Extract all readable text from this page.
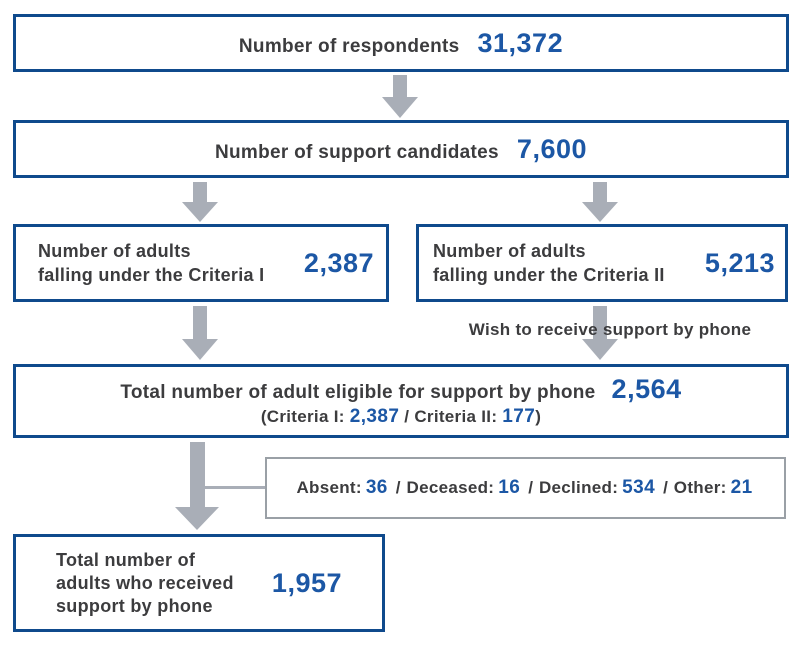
Number of respondents 31,372
Number of support candidates 7,600
Number of adults
falling under the Criteria I 2,387	Number of adults
falling under the Criteria II 5,213
Wish to receive support by phone
Total number of adult eligible for support by phone 2,564
(Criteria I: 2,387 / Criteria II: 177 )
Absent: 36 / Deceased: 16 / Declined: 534 / Other: 21
Total number of
adults who received
support by phone
1,957
